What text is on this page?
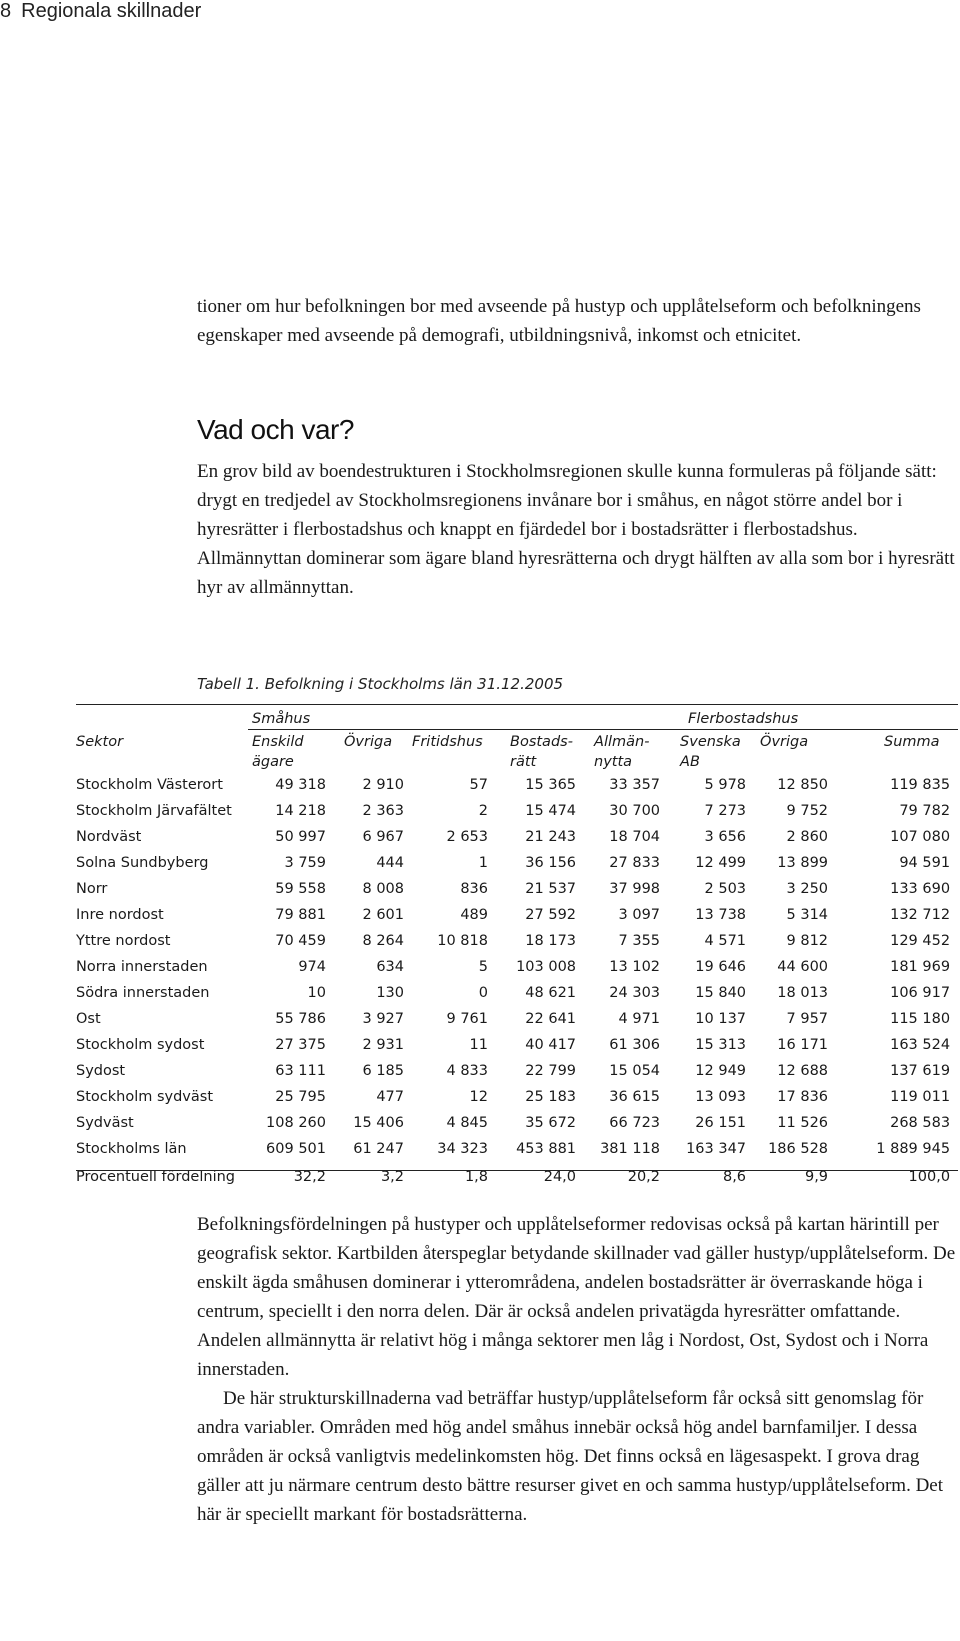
8 Regionala skillnader

tioner om hur befolkningen bor med avseende på hustyp och upplåtelseform och befolkningens egenskaper med avseende på demografi, utbildningsnivå, inkomst och etnicitet.

Vad och var?

En grov bild av boendestrukturen i Stockholmsregionen skulle kunna formuleras på följande sätt: drygt en tredjedel av Stockholmsregionens invånare bor i småhus, en något större andel bor i hyresrätter i flerbostadshus och knappt en fjärdedel bor i bostadsrätter i flerbostadshus. Allmännyttan dominerar som ägare bland hyresrätterna och drygt hälften av alla som bor i hyresrätt hyr av allmännyttan.

Tabell 1. Befolkning i Stockholms län 31.12.2005

	Småhus				Flerbostadshus			
Sektor	Enskild ägare	Övriga	Fritidshus	Bostads- rätt	Allmän- nytta	Svenska AB	Övriga	Summa
Stockholm Västerort	49 318	2 910	57	15 365	33 357	5 978	12 850	119 835
Stockholm Järvafältet	14 218	2 363	2	15 474	30 700	7 273	9 752	79 782
Nordväst	50 997	6 967	2 653	21 243	18 704	3 656	2 860	107 080
Solna Sundbyberg	3 759	444	1	36 156	27 833	12 499	13 899	94 591
Norr	59 558	8 008	836	21 537	37 998	2 503	3 250	133 690
Inre nordost	79 881	2 601	489	27 592	3 097	13 738	5 314	132 712
Yttre nordost	70 459	8 264	10 818	18 173	7 355	4 571	9 812	129 452
Norra innerstaden	974	634	5	103 008	13 102	19 646	44 600	181 969
Södra innerstaden	10	130	0	48 621	24 303	15 840	18 013	106 917
Ost	55 786	3 927	9 761	22 641	4 971	10 137	7 957	115 180
Stockholm sydost	27 375	2 931	11	40 417	61 306	15 313	16 171	163 524
Sydost	63 111	6 185	4 833	22 799	15 054	12 949	12 688	137 619
Stockholm sydväst	25 795	477	12	25 183	36 615	13 093	17 836	119 011
Sydväst	108 260	15 406	4 845	35 672	66 723	26 151	11 526	268 583
Stockholms län	609 501	61 247	34 323	453 881	381 118	163 347	186 528	1 889 945
Procentuell fördelning	32,2	3,2	1,8	24,0	20,2	8,6	9,9	100,0

Befolkningsfördelningen på hustyper och upplåtelseformer redovisas också på kartan härintill per geografisk sektor. Kartbilden återspeglar betydande skillnader vad gäller hustyp/upplåtelseform. De enskilt ägda småhusen dominerar i ytterområdena, andelen bostadsrätter är överraskande höga i centrum, speciellt i den norra delen. Där är också andelen privatägda hyresrätter omfattande. Andelen allmännytta är relativt hög i många sektorer men låg i Nordost, Ost, Sydost och i Norra innerstaden.

De här strukturskillnaderna vad beträffar hustyp/upplåtelseform får också sitt genomslag för andra variabler. Områden med hög andel småhus innebär också hög andel barnfamiljer. I dessa områden är också vanligtvis medelinkomsten hög. Det finns också en lägesaspekt. I grova drag gäller att ju närmare centrum desto bättre resurser givet en och samma hustyp/upplåtelseform. Det här är speciellt markant för bostadsrätterna.
